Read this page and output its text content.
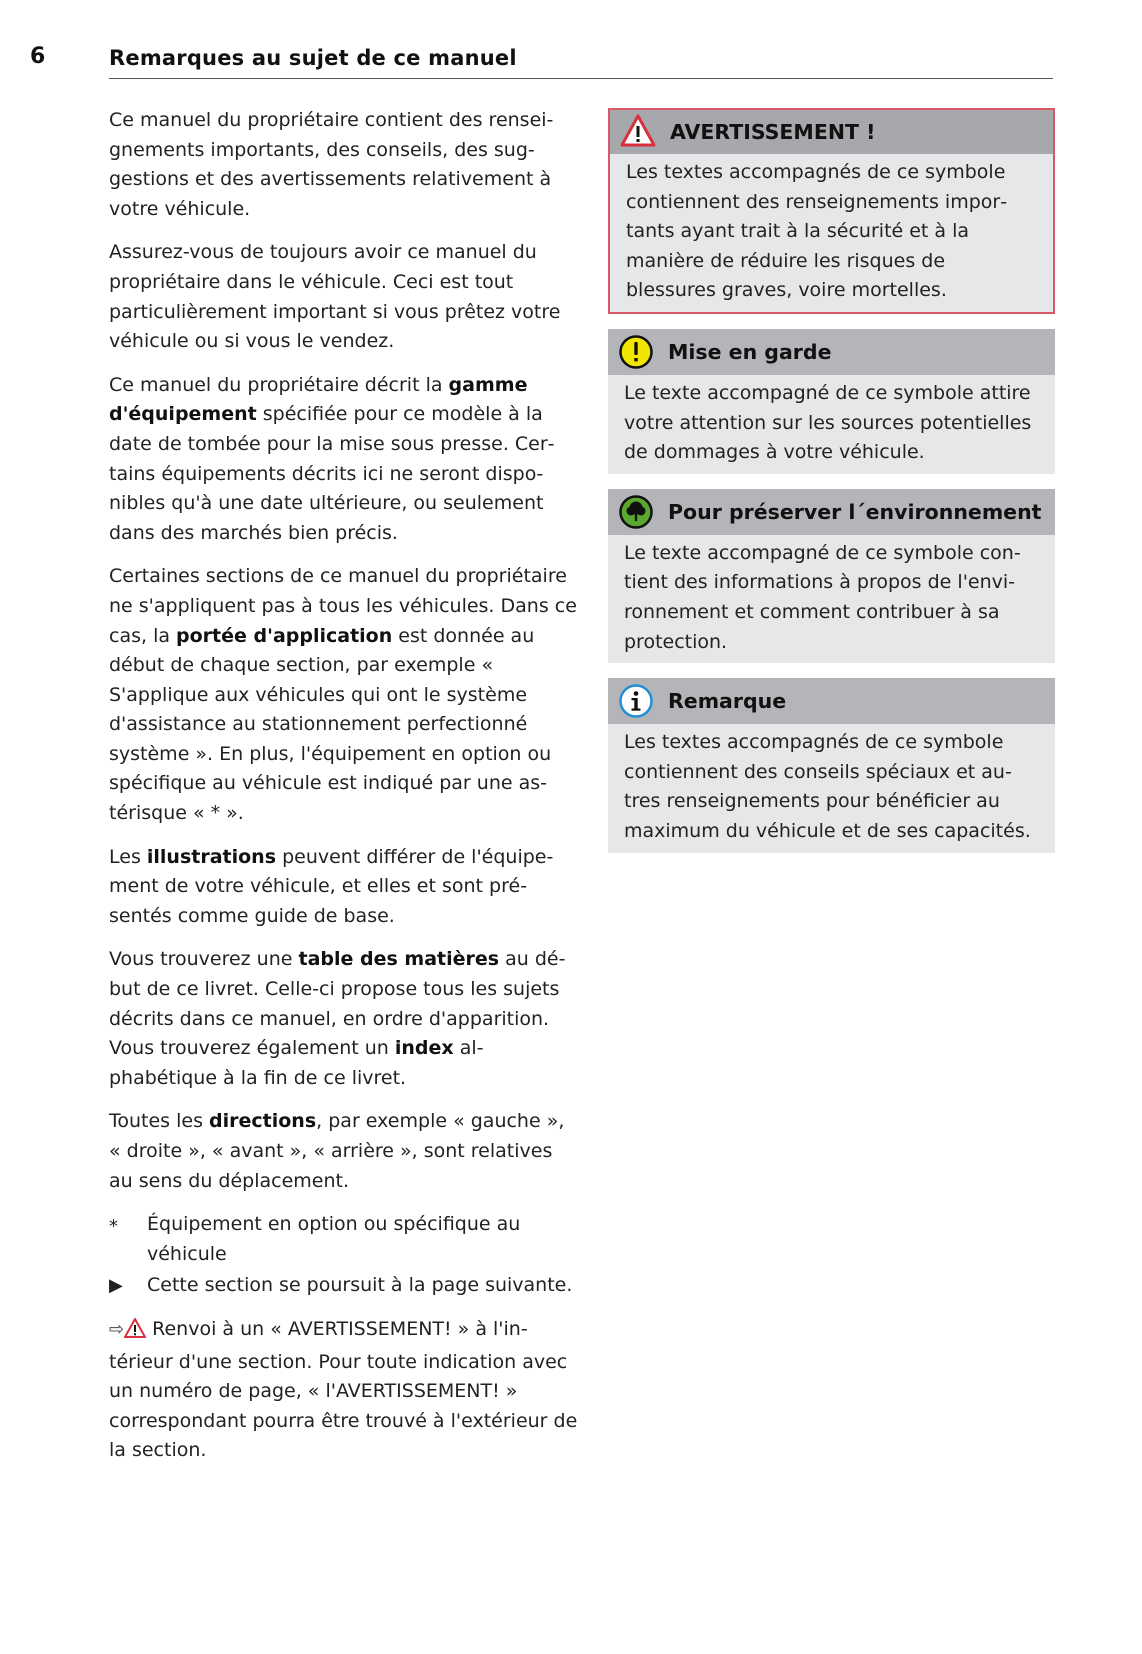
6	Remarques au sujet de ce manuel

Ce manuel du propriétaire contient des renseignements importants, des conseils, des suggestions et des avertissements relativement à votre véhicule.

Assurez-vous de toujours avoir ce manuel du propriétaire dans le véhicule. Ceci est tout particulièrement important si vous prêtez votre véhicule ou si vous le vendez.

Ce manuel du propriétaire décrit la gamme d'équipement spécifiée pour ce modèle à la date de tombée pour la mise sous presse. Certains équipements décrits ici ne seront disponibles qu'à une date ultérieure, ou seulement dans des marchés bien précis.

Certaines sections de ce manuel du propriétaire ne s'appliquent pas à tous les véhicules. Dans ce cas, la portée d'application est donnée au début de chaque section, par exemple « S'applique aux véhicules qui ont le système d'assistance au stationnement perfectionné système ». En plus, l'équipement en option ou spécifique au véhicule est indiqué par une astérisque « * ».

Les illustrations peuvent différer de l'équipement de votre véhicule, et elles et sont présentés comme guide de base.

Vous trouverez une table des matières au début de ce livret. Celle-ci propose tous les sujets décrits dans ce manuel, en ordre d'apparition. Vous trouverez également un index alphabétique à la fin de ce livret.

Toutes les directions, par exemple « gauche », « droite », « avant », « arrière », sont relatives au sens du déplacement.

*	Équipement en option ou spécifique au véhicule
▶	Cette section se poursuit à la page suivante.

⇨ Renvoi à un « AVERTISSEMENT! » à l'intérieur d'une section. Pour toute indication avec un numéro de page, « l'AVERTISSEMENT! » correspondant pourra être trouvé à l'extérieur de la section.

AVERTISSEMENT !
Les textes accompagnés de ce symbole contiennent des renseignements importants ayant trait à la sécurité et à la manière de réduire les risques de blessures graves, voire mortelles.
Mise en garde
Le texte accompagné de ce symbole attire votre attention sur les sources potentielles de dommages à votre véhicule.
Pour préserver l´environnement
Le texte accompagné de ce symbole contient des informations à propos de l'environnement et comment contribuer à sa protection.
Remarque
Les textes accompagnés de ce symbole contiennent des conseils spéciaux et autres renseignements pour bénéficier au maximum du véhicule et de ses capacités.
